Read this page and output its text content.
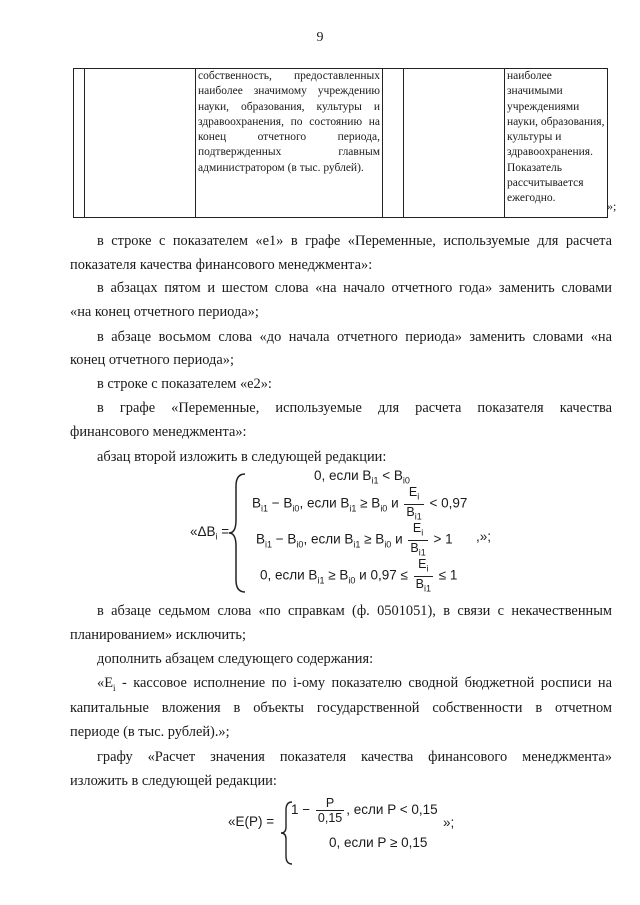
9

собственность, предоставленных наиболее значимому учреждению науки, образования, культуры и здравоохранения, по состоянию на конец отчетного периода, подтвержденных главным администратором (в тыс. рублей).

наиболее значимыми учреждениями науки, образования, культуры и здравоохранения. Показатель рассчитывается ежегодно.
»;
в строке с показателем «e1» в графе «Переменные, используемые для расчета
показателя качества финансового менеджмента»:
в абзацах пятом и шестом слова «на начало отчетного года» заменить словами
«на конец отчетного периода»;
в абзаце восьмом слова «до начала отчетного периода» заменить словами «на
конец отчетного периода»;
в строке с показателем «e2»:
в графе «Переменные, используемые для расчета показателя качества
финансового менеджмента»:
абзац второй изложить в следующей редакции:
«$\Delta B_i$ =
0, если $B_{i1} < B_{i0}$
$B_{i1} - B_{i0}$, если $B_{i1} \ge B_{i0}$ и $\frac{E_i}{B_{i1}} < 0,97$
$B_{i1} - B_{i0}$, если $B_{i1} \ge B_{i0}$ и $\frac{E_i}{B_{i1}} > 1$ ,»;
0, если $B_{i1} \ge B_{i0}$ и $0,97 \le \frac{E_i}{B_{i1}} \le 1$
в абзаце седьмом слова «по справкам (ф. 0501051), в связи с некачественным
планированием» исключить;
дополнить абзацем следующего содержания:
«$E_i$ - кассовое исполнение по i-ому показателю сводной бюджетной росписи на
капитальные вложения в объекты государственной собственности в отчетном
периоде (в тыс. рублей).»;
графу «Расчет значения показателя качества финансового менеджмента»
изложить в следующей редакции:
«E(P) =
$1 - \frac{P}{0,15}$ , если P < 0,15
»;
0, если P ≥ 0,15
